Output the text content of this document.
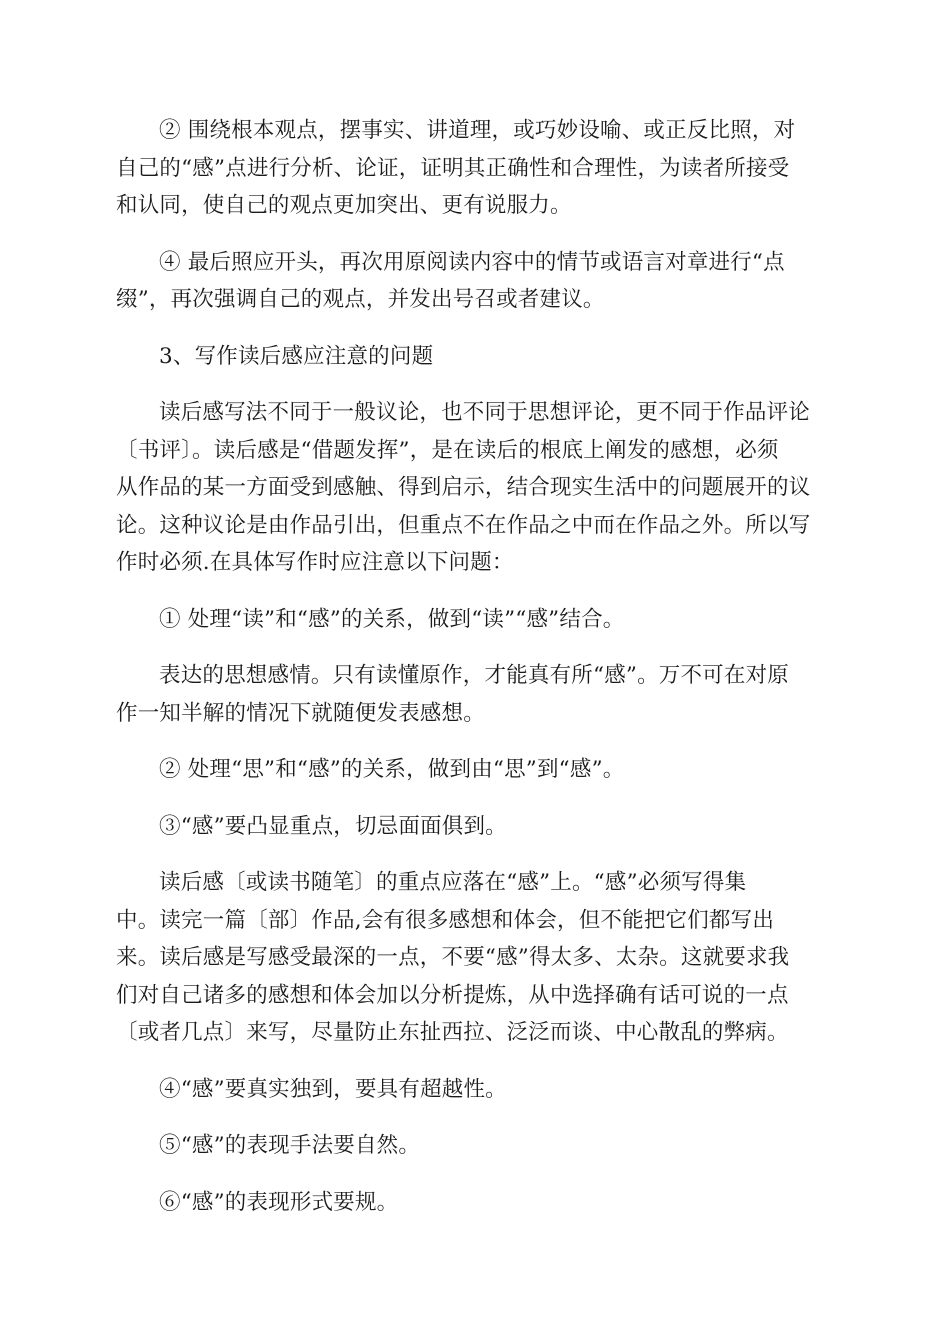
② 围绕根本观点，摆事实、讲道理，或巧妙设喻、或正反比照，对
自己的“感”点进行分析、论证，证明其正确性和合理性，为读者所接受
和认同，使自己的观点更加突出、更有说服力。

④ 最后照应开头，再次用原阅读内容中的情节或语言对章进行“点
缀”，再次强调自己的观点，并发出号召或者建议。

3、写作读后感应注意的问题

读后感写法不同于一般议论，也不同于思想评论，更不同于作品评论
〔书评〕。读后感是“借题发挥”，是在读后的根底上阐发的感想，必须
从作品的某一方面受到感触、得到启示，结合现实生活中的问题展开的议
论。这种议论是由作品引出，但重点不在作品之中而在作品之外。所以写
作时必须.在具体写作时应注意以下问题：

① 处理“读”和“感”的关系，做到“读”“感”结合。

表达的思想感情。只有读懂原作，才能真有所“感”。万不可在对原
作一知半解的情况下就随便发表感想。

② 处理“思”和“感”的关系，做到由“思”到“感”。

③“感”要凸显重点，切忌面面俱到。

读后感〔或读书随笔〕的重点应落在“感”上。“感”必须写得集
中。读完一篇〔部〕作品,会有很多感想和体会，但不能把它们都写出
来。读后感是写感受最深的一点，不要“感”得太多、太杂。这就要求我
们对自己诸多的感想和体会加以分析提炼，从中选择确有话可说的一点
〔或者几点〕来写，尽量防止东扯西拉、泛泛而谈、中心散乱的弊病。

④“感”要真实独到，要具有超越性。

⑤“感”的表现手法要自然。

⑥“感”的表现形式要规。
